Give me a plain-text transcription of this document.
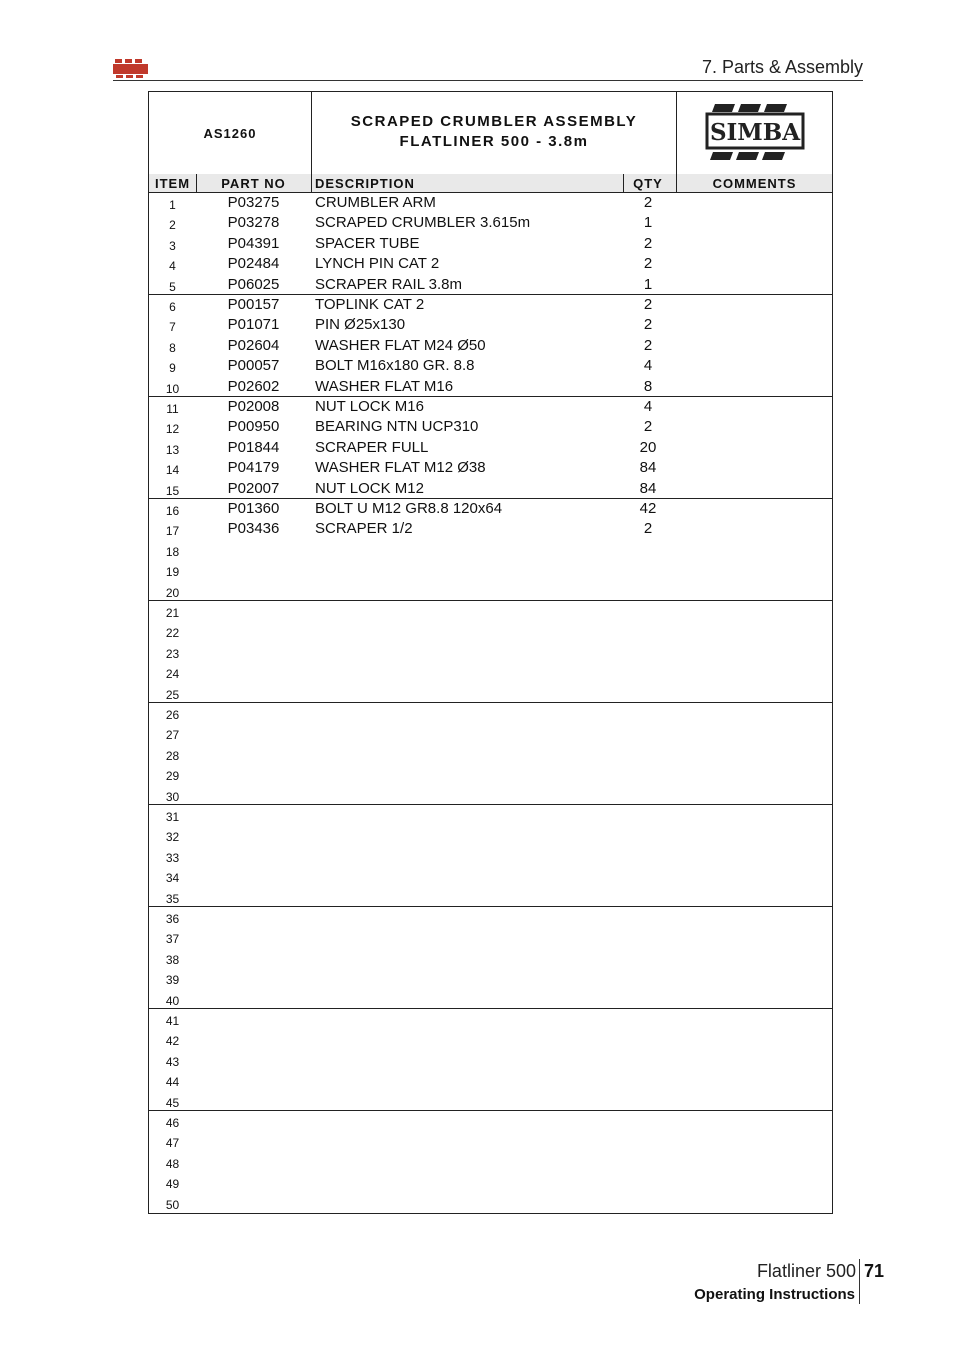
7. Parts & Assembly
AS1260
SCRAPED CRUMBLER ASSEMBLY
FLATLINER 500 - 3.8m	SIMBA
ITEM	PART NO	DESCRIPTION	QTY	COMMENTS
1	P03275	CRUMBLER ARM	2
2	P03278	SCRAPED CRUMBLER 3.615m	1
3	P04391	SPACER TUBE	2
4	P02484	LYNCH PIN CAT 2	2
5	P06025	SCRAPER RAIL 3.8m	1
6	P00157	TOPLINK CAT 2	2
7	P01071	PIN Ø25x130	2
8	P02604	WASHER FLAT M24 Ø50	2
9	P00057	BOLT M16x180 GR. 8.8	4
10	P02602	WASHER FLAT M16	8
11	P02008	NUT LOCK M16	4
12	P00950	BEARING NTN UCP310	2
13	P01844	SCRAPER FULL	20
14	P04179	WASHER FLAT M12 Ø38	84
15	P02007	NUT LOCK M12	84
16	P01360	BOLT U M12 GR8.8 120x64	42
17	P03436	SCRAPER 1/2	2
18
19
20
21
22
23
24
25
26
27
28
29
30
31
32
33
34
35
36
37
38
39
40
41
42
43
44
45
46
47
48
49
50
Flatliner 500 71
Operating Instructions
